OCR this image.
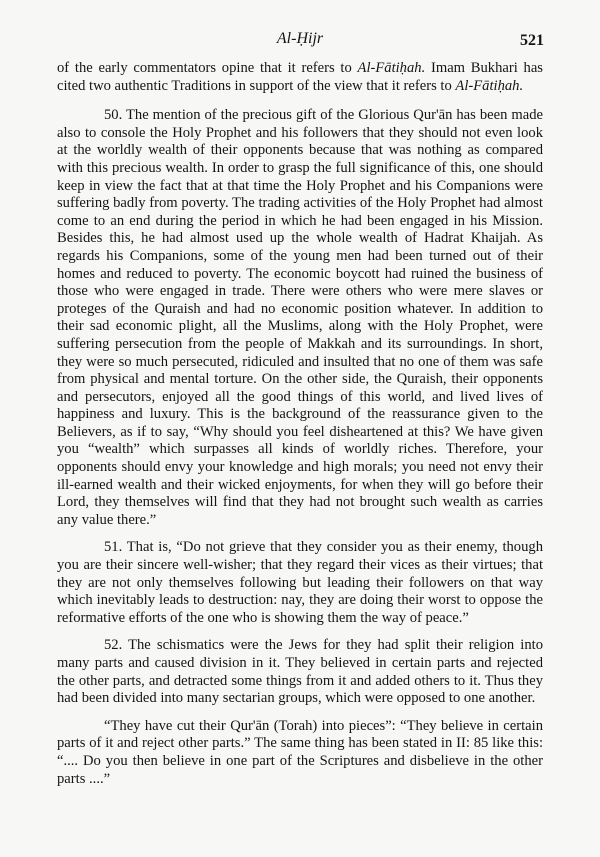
Al-Ḥijr	521

of the early commentators opine that it refers to Al-Fātiḥah. Imam Bukhari has cited two authentic Traditions in support of the view that it refers to Al-Fātiḥah.

50. The mention of the precious gift of the Glorious Qur'ān has been made also to console the Holy Prophet and his followers that they should not even look at the worldly wealth of their opponents because that was nothing as compared with this precious wealth. In order to grasp the full significance of this, one should keep in view the fact that at that time the Holy Prophet and his Companions were suffering badly from poverty. The trading activities of the Holy Prophet had almost come to an end during the period in which he had been engaged in his Mission. Besides this, he had almost used up the whole wealth of Hadrat Khaijah. As regards his Companions, some of the young men had been turned out of their homes and reduced to poverty. The economic boycott had ruined the business of those who were engaged in trade. There were others who were mere slaves or proteges of the Quraish and had no economic position whatever. In addition to their sad economic plight, all the Muslims, along with the Holy Prophet, were suffering persecution from the people of Makkah and its surroundings. In short, they were so much persecuted, ridiculed and insulted that no one of them was safe from physical and mental torture. On the other side, the Quraish, their opponents and persecutors, enjoyed all the good things of this world, and lived lives of happiness and luxury. This is the background of the reassurance given to the Believers, as if to say, “Why should you feel disheartened at this? We have given you “wealth” which surpasses all kinds of worldly riches. Therefore, your opponents should envy your knowledge and high morals; you need not envy their ill-earned wealth and their wicked enjoyments, for when they will go before their Lord, they themselves will find that they had not brought such wealth as carries any value there.”

51. That is, “Do not grieve that they consider you as their enemy, though you are their sincere well-wisher; that they regard their vices as their virtues; that they are not only themselves following but leading their followers on that way which inevitably leads to destruction: nay, they are doing their worst to oppose the reformative efforts of the one who is showing them the way of peace.”

52. The schismatics were the Jews for they had split their religion into many parts and caused division in it. They believed in certain parts and rejected the other parts, and detracted some things from it and added others to it. Thus they had been divided into many sectarian groups, which were opposed to one another.

“They have cut their Qur'ān (Torah) into pieces”: “They believe in certain parts of it and reject other parts.” The same thing has been stated in II: 85 like this: “.... Do you then believe in one part of the Scriptures and disbelieve in the other parts ....”
